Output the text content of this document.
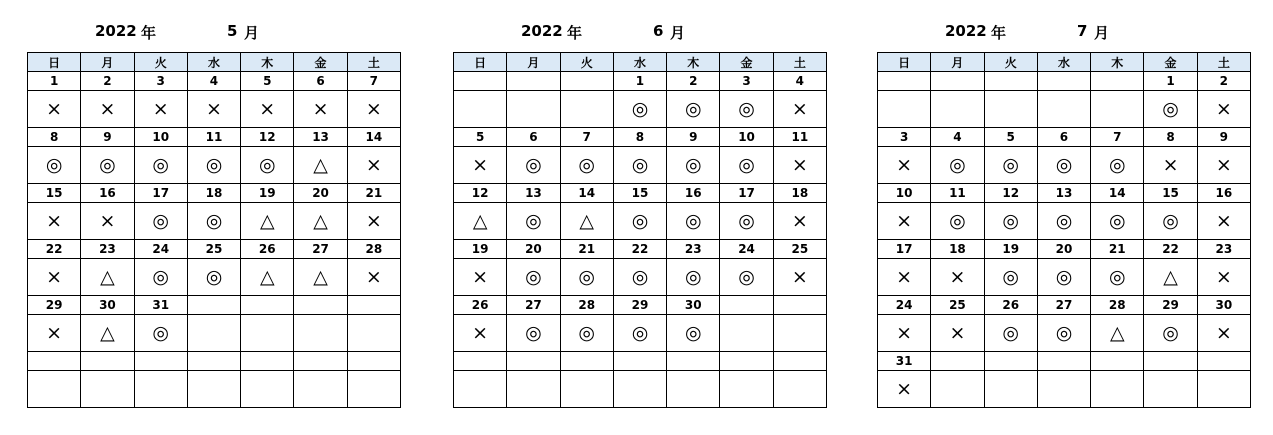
2022 年	5 月
日	月	火	水	木	金	土
1	2	3	4	5	6	7
×	×	×	×	×	×	×
8	9	10	11	12	13	14
◎	◎	◎	◎	◎	△	×
15	16	17	18	19	20	21
×	×	◎	◎	△	△	×
22	23	24	25	26	27	28
×	△	◎	◎	△	△	×
29	30	31				
×	△	◎				

2022 年	6 月
日	月	火	水	木	金	土
			1	2	3	4
			◎	◎	◎	×
5	6	7	8	9	10	11
×	◎	◎	◎	◎	◎	×
12	13	14	15	16	17	18
△	◎	△	◎	◎	◎	×
19	20	21	22	23	24	25
×	◎	◎	◎	◎	◎	×
26	27	28	29	30		
×	◎	◎	◎	◎		

2022 年	7 月
日	月	火	水	木	金	土
					1	2
					◎	×
3	4	5	6	7	8	9
×	◎	◎	◎	◎	×	×
10	11	12	13	14	15	16
×	◎	◎	◎	◎	◎	×
17	18	19	20	21	22	23
×	×	◎	◎	◎	△	×
24	25	26	27	28	29	30
×	×	◎	◎	△	◎	×
31						
×						
